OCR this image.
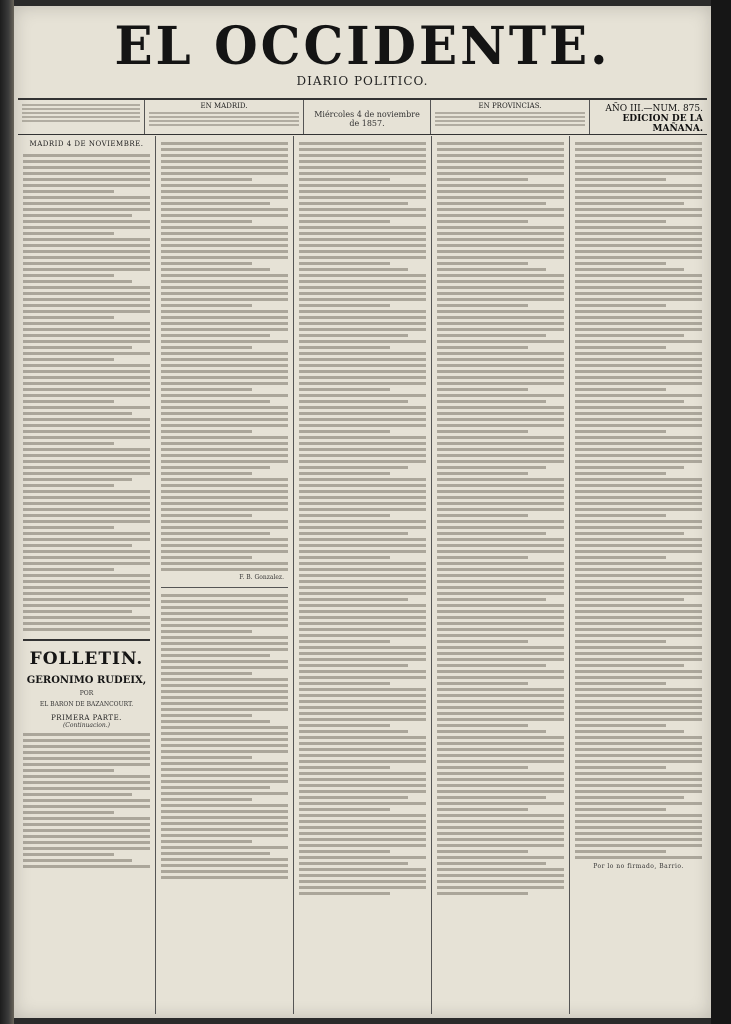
EL OCCIDENTE.
DIARIO POLITICO.
EN MADRID.
Miércoles 4 de noviembre de 1857.
EN PROVINCIAS.	AÑO III.—NUM. 875.
EDICION DE LA MAÑANA.
MADRID 4 DE NOVIEMBRE.
FOLLETIN.
GERONIMO RUDEIX,
POR
EL BARON DE BAZANCOURT.
PRIMERA PARTE.
(Continuacion.)
F. B. Gonzalez.
Por lo no firmado, Barrio.
